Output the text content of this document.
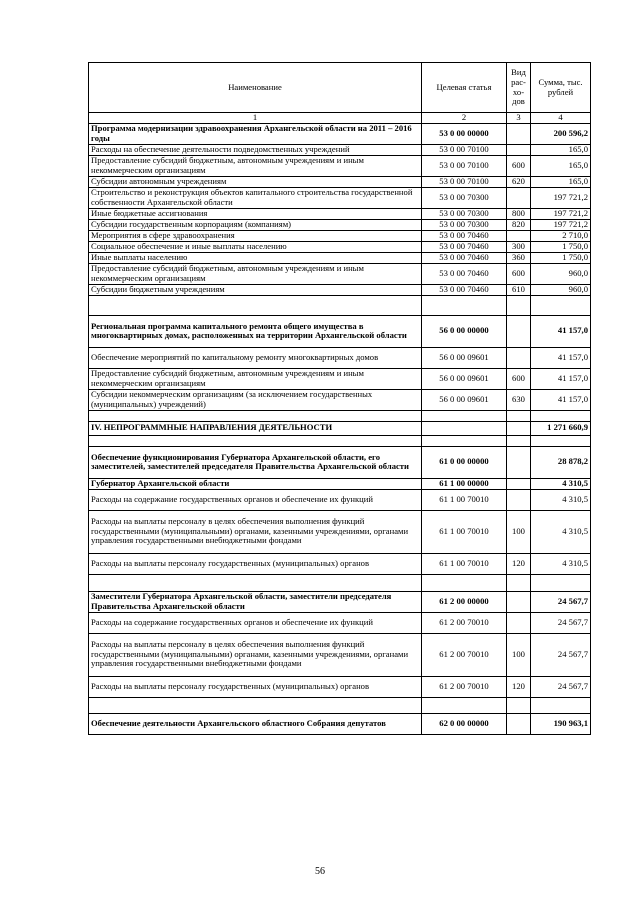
Наименование	Целевая статья	Вид рас-хо-дов	Сумма, тыс. рублей
1	2	3	4
Программа модернизации здравоохранения Архангельской области на 2011 – 2016 годы	53 0 00 00000		200 596,2
Расходы на обеспечение деятельности подведомственных учреждений	53 0 00 70100		165,0
Предоставление субсидий бюджетным, автономным учреждениям и иным некоммерческим организациям	53 0 00 70100	600	165,0
Субсидии автономным учреждениям	53 0 00 70100	620	165,0
Строительство и реконструкция объектов капитального строительства государственной собственности Архангельской области	53 0 00 70300		197 721,2
Иные бюджетные ассигнования	53 0 00 70300	800	197 721,2
Субсидии государственным корпорациям (компаниям)	53 0 00 70300	820	197 721,2
Мероприятия в сфере здравоохранения	53 0 00 70460		2 710,0
Социальное обеспечение и иные выплаты населению	53 0 00 70460	300	1 750,0
Иные выплаты населению	53 0 00 70460	360	1 750,0
Предоставление субсидий бюджетным, автономным учреждениям и иным некоммерческим организациям	53 0 00 70460	600	960,0
Субсидии бюджетным учреждениям	53 0 00 70460	610	960,0

Региональная программа капитального ремонта общего имущества в многоквартирных домах, расположенных на территории Архангельской области	56 0 00 00000		41 157,0
Обеспечение мероприятий по капитальному ремонту многоквартирных домов	56 0 00 09601		41 157,0
Предоставление субсидий бюджетным, автономным учреждениям и иным некоммерческим организациям	56 0 00 09601	600	41 157,0
Субсидии некоммерческим организациям (за исключением государственных (муниципальных) учреждений)	56 0 00 09601	630	41 157,0

IV. НЕПРОГРАММНЫЕ НАПРАВЛЕНИЯ ДЕЯТЕЛЬНОСТИ			1 271 660,9

Обеспечение функционирования Губернатора Архангельской области, его заместителей, заместителей председателя Правительства Архангельской области	61 0 00 00000		28 878,2
Губернатор Архангельской области	61 1 00 00000		4 310,5
Расходы на содержание государственных органов и обеспечение их функций	61 1 00 70010		4 310,5
Расходы на выплаты персоналу в целях обеспечения выполнения функций государственными (муниципальными) органами, казенными учреждениями, органами управления государственными внебюджетными фондами	61 1 00 70010	100	4 310,5
Расходы на выплаты персоналу государственных (муниципальных) органов	61 1 00 70010	120	4 310,5

Заместители Губернатора Архангельской области, заместители председателя Правительства Архангельской области	61 2 00 00000		24 567,7
Расходы на содержание государственных органов и обеспечение их функций	61 2 00 70010		24 567,7
Расходы на выплаты персоналу в целях обеспечения выполнения функций государственными (муниципальными) органами, казенными учреждениями, органами управления государственными внебюджетными фондами	61 2 00 70010	100	24 567,7
Расходы на выплаты персоналу государственных (муниципальных) органов	61 2 00 70010	120	24 567,7

Обеспечение деятельности Архангельского областного Собрания депутатов	62 0 00 00000		190 963,1
56
